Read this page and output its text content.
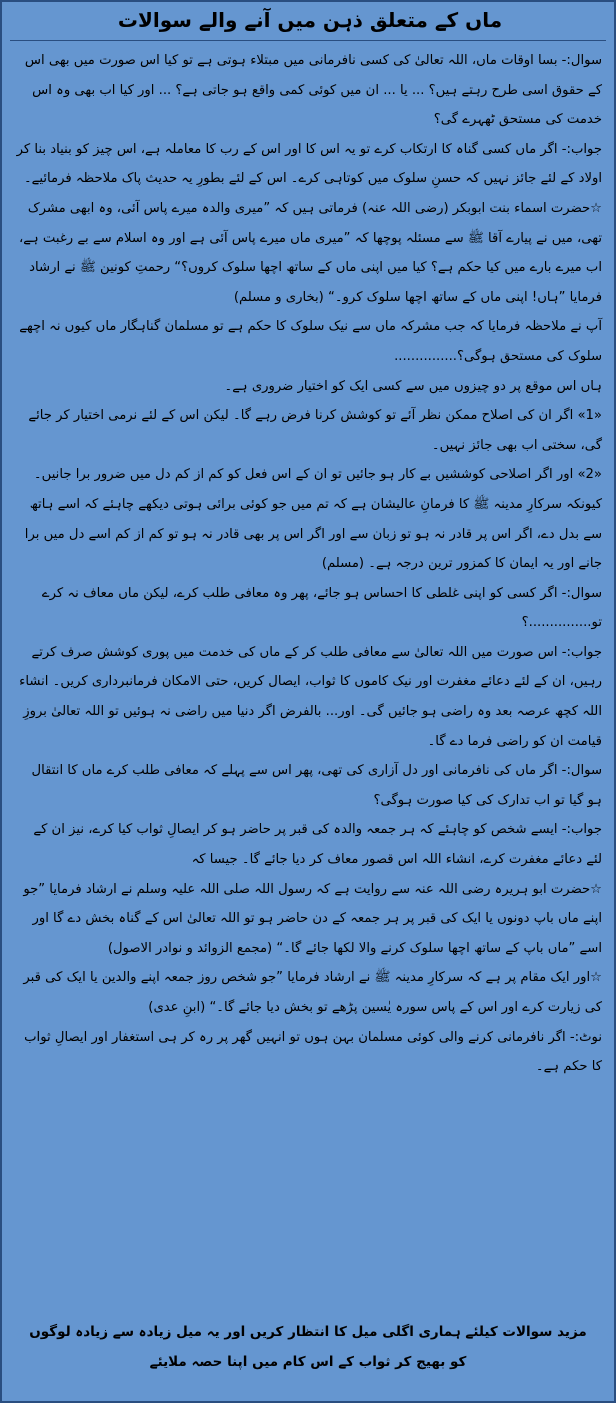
ماں کے متعلق ذہن میں آنے والے سوالات

سوال:- بسا اوقات ماں، اللہ تعالیٰ کی کسی نافرمانی میں مبتلاء ہوتی ہے تو کیا اس صورت میں بھی اس کے حقوق اسی طرح رہتے ہیں؟ ... یا ... ان میں کوئی کمی واقع ہو جاتی ہے؟ ... اور کیا اب بھی وہ اس خدمت کی مستحق ٹھہرے گی؟

جواب:- اگر ماں کسی گناہ کا ارتکاب کرے تو یہ اس کا اور اس کے رب کا معاملہ ہے، اس چیز کو بنیاد بنا کر اولاد کے لئے جائز نہیں کہ حسنِ سلوک میں کوتاہی کرے۔ اس کے لئے بطورِ یہ حدیث پاک ملاحظہ فرمائیے۔

☆حضرت اسماء بنت ابوبکر (رضی اللہ عنہ) فرماتی ہیں کہ ”میری والدہ میرے پاس آئی، وہ ابھی مشرک تھی، میں نے پیارے آقا ﷺ سے مسئلہ پوچھا کہ ”میری ماں میرے پاس آئی ہے اور وہ اسلام سے بے رغبت ہے، اب میرے بارے میں کیا حکم ہے؟ کیا میں اپنی ماں کے ساتھ اچھا سلوک کروں؟“ رحمتِ کونین ﷺ نے ارشاد فرمایا ”ہاں! اپنی ماں کے ساتھ اچھا سلوک کرو۔“ (بخاری و مسلم)

آپ نے ملاحظہ فرمایا کہ جب مشرکہ ماں سے نیک سلوک کا حکم ہے تو مسلمان گناہگار ماں کیوں نہ اچھے سلوک کی مستحق ہوگی؟...............

ہاں اس موقع پر دو چیزوں میں سے کسی ایک کو اختیار ضروری ہے۔

«1» اگر ان کی اصلاح ممکن نظر آئے تو کوشش کرنا فرض رہے گا۔ لیکن اس کے لئے نرمی اختیار کر جائے گی، سختی اب بھی جائز نہیں۔

«2» اور اگر اصلاحی کوششیں بے کار ہو جائیں تو ان کے اس فعل کو کم از کم دل میں ضرور برا جانیں۔ کیونکہ سرکارِ مدینہ ﷺ کا فرمانِ عالیشان ہے کہ تم میں جو کوئی برائی ہوتی دیکھے چاہئے کہ اسے ہاتھ سے بدل دے، اگر اس پر قادر نہ ہو تو زبان سے اور اگر اس پر بھی قادر نہ ہو تو کم از کم اسے دل میں برا جانے اور یہ ایمان کا کمزور ترین درجہ ہے۔ (مسلم)

سوال:- اگر کسی کو اپنی غلطی کا احساس ہو جائے، پھر وہ معافی طلب کرے، لیکن ماں معاف نہ کرے تو...............؟

جواب:- اس صورت میں اللہ تعالیٰ سے معافی طلب کر کے ماں کی خدمت میں پوری کوشش صرف کرتے رہیں، ان کے لئے دعائے مغفرت اور نیک کاموں کا ثواب، ایصال کریں، حتی الامکان فرمانبرداری کریں۔ انشاء اللہ کچھ عرصہ بعد وہ راضی ہو جائیں گی۔ اور... بالفرض اگر دنیا میں راضی نہ ہوئیں تو اللہ تعالیٰ بروزِ قیامت ان کو راضی فرما دے گا۔

سوال:- اگر ماں کی نافرمانی اور دل آزاری کی تھی، پھر اس سے پہلے کہ معافی طلب کرے ماں کا انتقال ہو گیا تو اب تدارک کی کیا صورت ہوگی؟

جواب:- ایسے شخص کو چاہئے کہ ہر جمعہ والدہ کی قبر پر حاضر ہو کر ایصالِ ثواب کیا کرے، نیز ان کے لئے دعائے مغفرت کرے، انشاء اللہ اس قصور معاف کر دیا جائے گا۔ جیسا کہ

☆حضرت ابو ہریرہ رضی اللہ عنہ سے روایت ہے کہ رسول اللہ صلی اللہ علیہ وسلم نے ارشاد فرمایا ”جو اپنے ماں باپ دونوں یا ایک کی قبر پر ہر جمعہ کے دن حاضر ہو تو اللہ تعالیٰ اس کے گناہ بخش دے گا اور اسے ”ماں باپ کے ساتھ اچھا سلوک کرنے والا لکھا جائے گا۔“ (مجمع الزوائد و نوادر الاصول)

☆اور ایک مقام پر ہے کہ سرکارِ مدینہ ﷺ نے ارشاد فرمایا ”جو شخص روز جمعہ اپنے والدین یا ایک کی قبر کی زیارت کرے اور اس کے پاس سورہ یٰسین پڑھے تو بخش دیا جائے گا۔“ (ابنِ عدی)

نوٹ:- اگر نافرمانی کرنے والی کوئی مسلمان بہن ہوں تو انہیں گھر پر رہ کر ہی استغفار اور ایصالِ ثواب کا حکم ہے۔

مزید سوالات کیلئے ہماری اگلی میل کا انتظار کریں اور یہ میل زیادہ سے زیادہ لوگوں کو بھیج کر ثواب کے اس کام میں اپنا حصہ ملایئے
